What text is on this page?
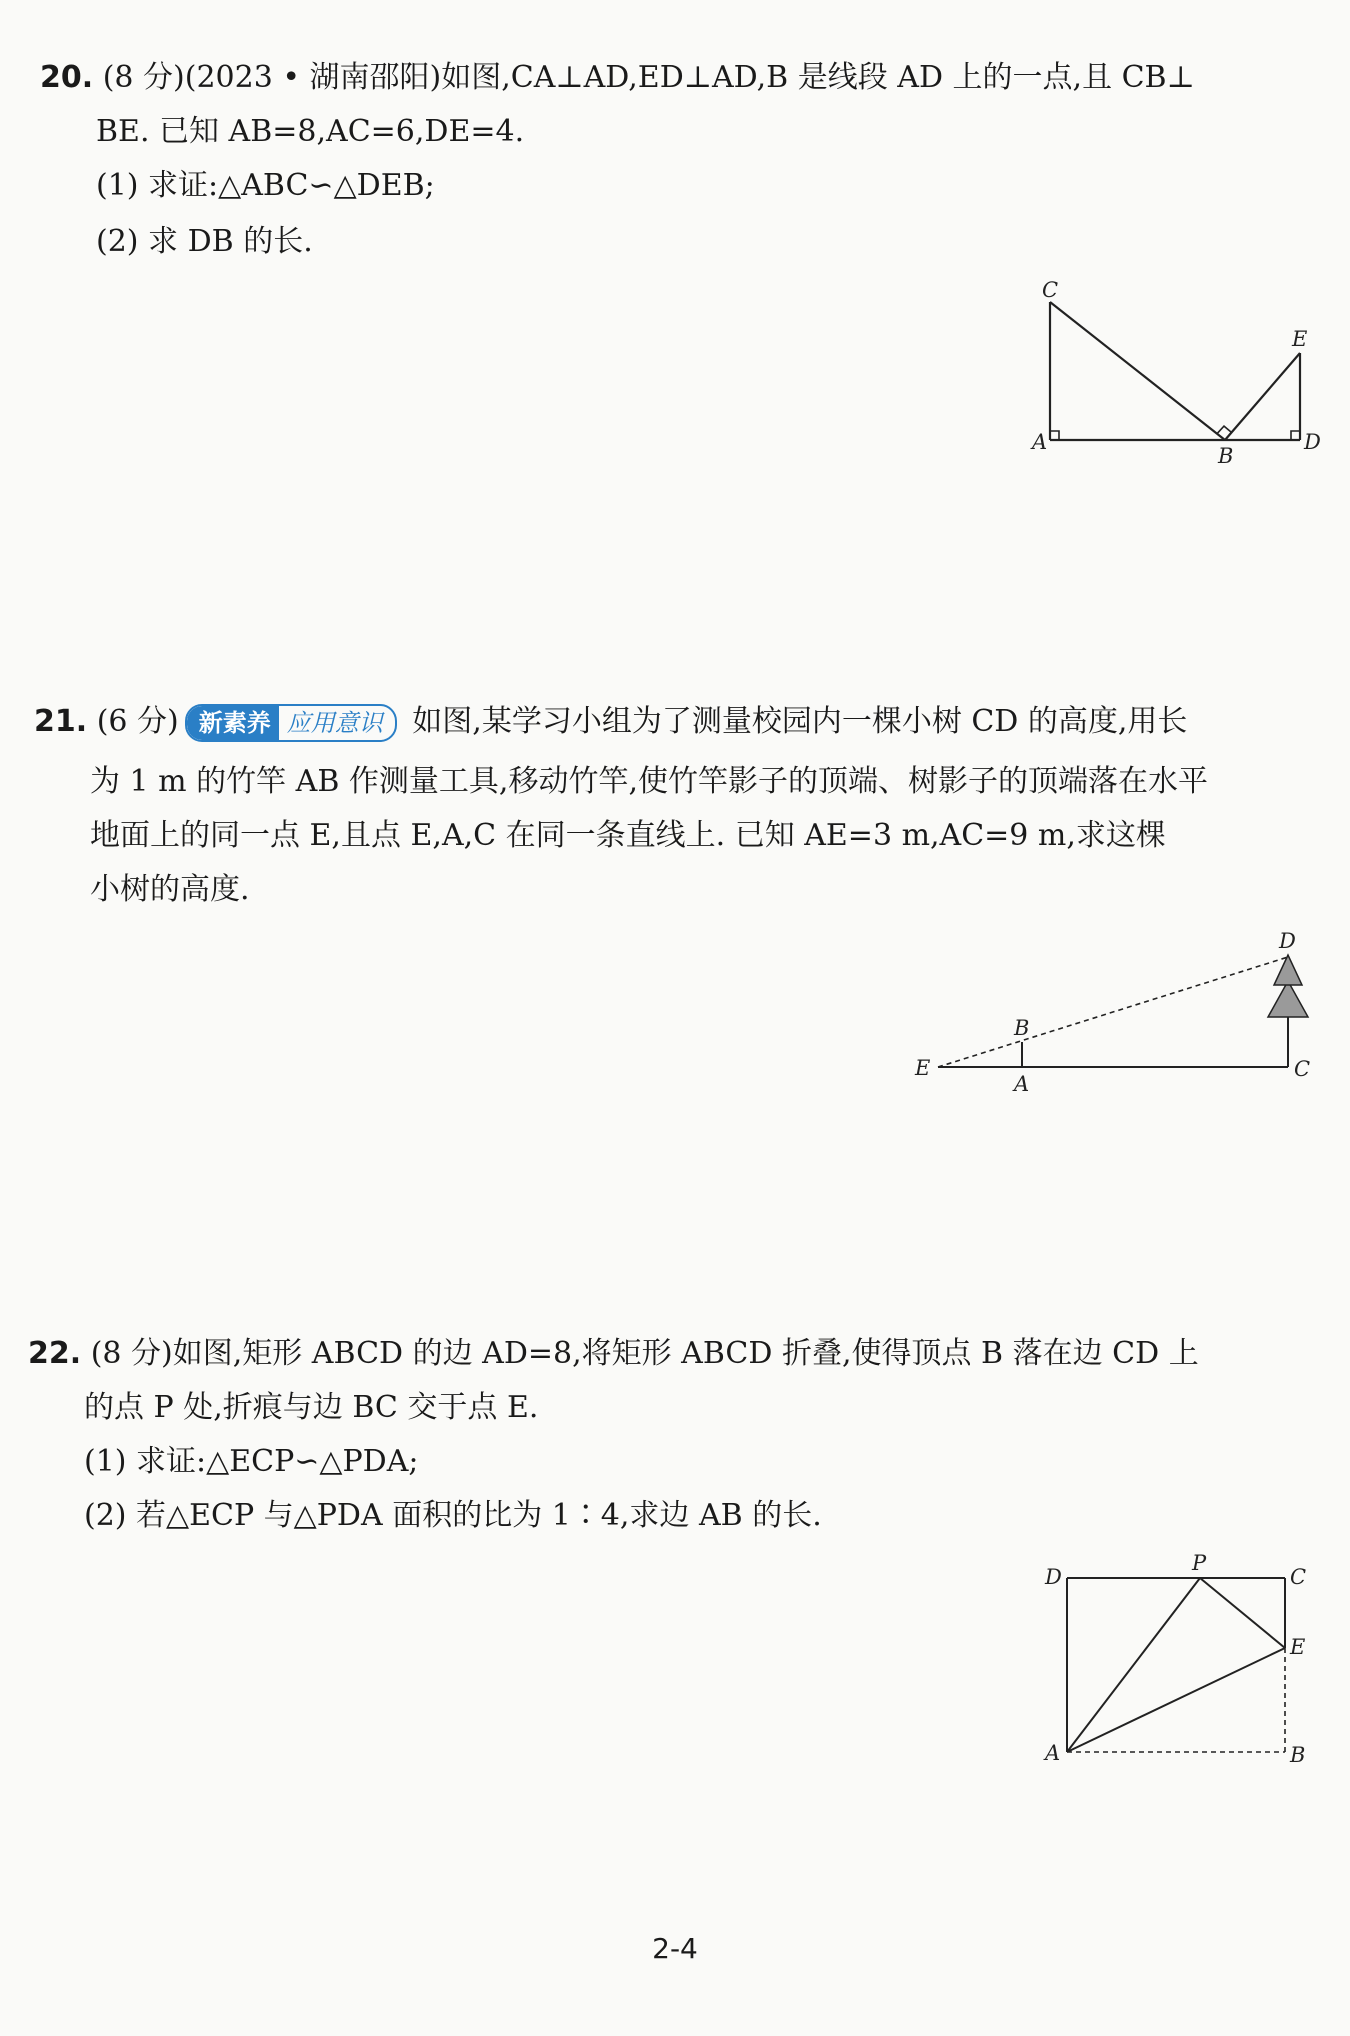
20. (8 分)(2023 • 湖南邵阳)如图,CA⊥AD,ED⊥AD,B 是线段 AD 上的一点,且 CB⊥
BE. 已知 AB=8,AC=6,DE=4.
(1) 求证:△ABC∽△DEB;
(2) 求 DB 的长.
C
E
A
B
D
21. (6 分) 新素养 应用意识 如图,某学习小组为了测量校园内一棵小树 CD 的高度,用长
为 1 m 的竹竿 AB 作测量工具,移动竹竿,使竹竿影子的顶端、树影子的顶端落在水平
地面上的同一点 E,且点 E,A,C 在同一条直线上. 已知 AE=3 m,AC=9 m,求这棵
小树的高度.
D
B
E
A
C
22. (8 分)如图,矩形 ABCD 的边 AD=8,将矩形 ABCD 折叠,使得顶点 B 落在边 CD 上
的点 P 处,折痕与边 BC 交于点 E.
(1) 求证:△ECP∽△PDA;
(2) 若△ECP 与△PDA 面积的比为 1∶4,求边 AB 的长.
D
P
C
E
A	B
2-4
